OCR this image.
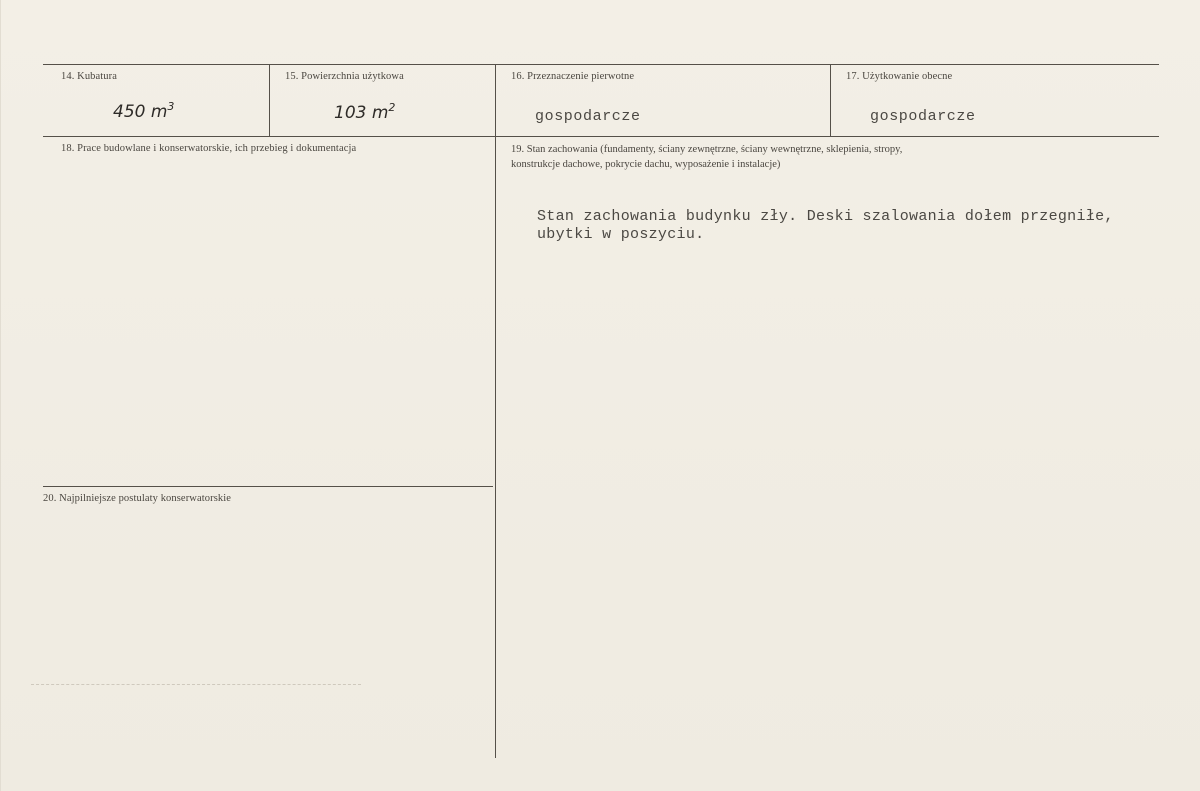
14. Kubatura
450 $m^3$
15. Powierzchnia użytkowa
103 $m^2$
16. Przeznaczenie pierwotne
gospodarcze
17. Użytkowanie obecne
gospodarcze
18. Prace budowlane i konserwatorskie, ich przebieg i dokumentacja	19. Stan zachowania (fundamenty, ściany zewnętrzne, ściany wewnętrzne, sklepienia, stropy,
konstrukcje dachowe, pokrycie dachu, wyposażenie i instalacje)
Stan zachowania budynku zły. Deski szalowania dołem przegniłe,
ubytki w poszyciu.
20. Najpilniejsze postulaty konserwatorskie
